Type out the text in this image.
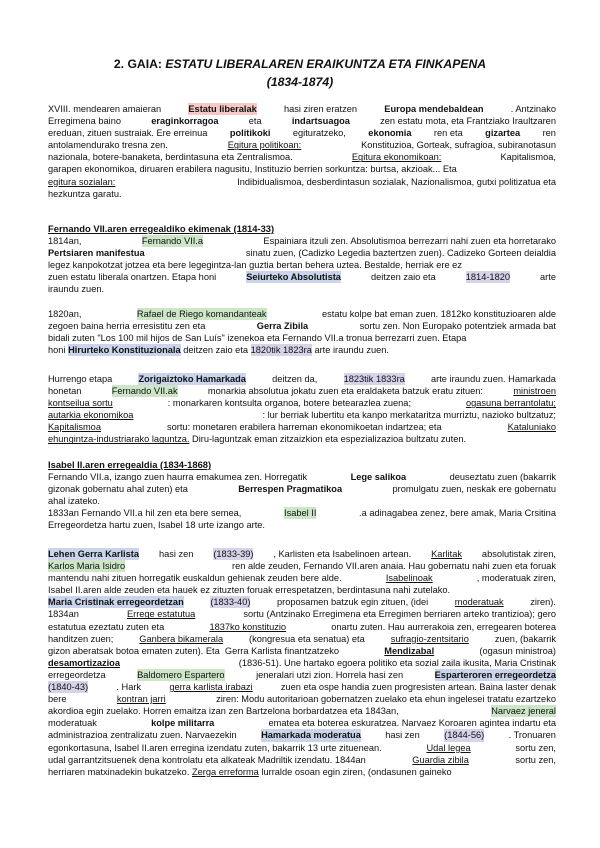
2. GAIA: ESTATU LIBERALAREN ERAIKUNTZA ETA FINKAPENA
(1834-1874)
XVIII. mendearen amaieran	Estatu liberalak	hasi ziren eratzen	Europa mendebaldean	. Antzinako
Erregimena baino	eraginkorragoa	eta	indartsuagoa	zen estatu mota, eta Frantziako Iraultzaren
ereduan, zituen sustraiak. Ere erreinua politikoki egituratzeko, ekonomia ren eta gizartea ren
antolamendurako tresna zen.	Egitura politikoan:	Konstituzioa, Gorteak, sufragioa, subiranotasun
nazionala, botere-banaketa, berdintasuna eta Zentralismoa.	Egitura ekonomikoan:	Kapitalismoa,
garapen ekonomikoa, diruaren erabilera nagusitu, Instituzio berrien sorkuntza: burtsa, akzioak... Eta
egitura sozialan:	Indibidualismoa, desberdintasun sozialak, Nazionalismoa, gutxi politizatua eta
hezkuntza garatu.
Fernando VII.aren erregealdiko ekimenak (1814-33)
1814an,	Fernando VII.a	Espainiara itzuli zen. Absolutismoa berrezarri nahi zuen eta horretarako
Pertsiaren manifestua	sinatu zuen, (Cadizko Legedia baztertzen zuen). Cadizeko Gorteen deialdia
legez kanpokotzat jotzea eta bere legegintza-lan guztia bertan behera uztea. Bestalde, herriak ere ez
zuen estatu liberala onartzen. Etapa honi	Seiurteko Absolutista	deitzen zaio eta	1814-1820	arte
iraundu zuen.
1820an,	Rafael de Riego komandanteak	estatu kolpe bat eman zuen. 1812ko konstituzioaren alde
zegoen baina herria erresistitu zen eta	Gerra Zibila	sortu zen. Non Europako potentziek armada bat
bidali zuten "Los 100 mil hijos de San Luís" izenekoa eta Fernando VII.a tronua berrezarri zuen. Etapa
honi Hirurteko Konstituzionala deitzen zaio eta 1820tik 1823ra arte iraundu zuen.
Hurrengo etapa	Zorigaiztoko Hamarkada	deitzen da,	1823tik 1833ra	arte iraundu zuen. Hamarkada
honetan	Fernando VII.ak	monarkia absolutua jokatu zuen eta eraldaketa batzuk eratu zituen:	ministroen
kontseilua sortu	: monarkaren kontsulta organoa, botere betearazlea zuena;	ogasuna berrantolatu;
autarkia ekonomikoa	: lur berriak lubertitu eta kanpo merkataritza murriztu, nazioko bultzatuz;
Kapitalismoa	sortu: monetaren erabilera harreman ekonomikoetan indartzea; eta	Kataluniako
ehungintza-industriarako laguntza. Diru-laguntzak eman zitzaizkion eta espezializazioa bultzatu zuten.
Isabel II.aren erregealdia (1834-1868)
Fernando VII.a, izango zuen haurra emakumea zen. Horregatik	Lege salikoa	deuseztatu zuen (bakarrik
gizonak gobernatu ahal zuten) eta	Berrespen Pragmatikoa	promulgatu zuen, neskak ere gobernatu
ahal izateko.
1833an Fernando VII.a hil zen eta bere semea,	Isabel II	.a adinagabea zenez, bere amak, Maria Crsitina
Erregeordetza hartu zuen, Isabel 18 urte izango arte.
Lehen Gerra Karlista hasi zen (1833-39) , Karlisten eta Isabelinoen artean. Karlitak absolutistak ziren,
Karlos Maria Isidro	ren alde zeuden, Fernando VII.aren anaia. Hau gobernatu nahi zuen eta foruak
mantendu nahi zituen horregatik euskaldun gehienak zeuden bere alde.	Isabelinoak	, moderatuak ziren,
Isabel II.aren alde zeuden eta hauek ez zituzten foruak errespetatzen, berdintasuna nahi zutelako.
Maria Cristinak erregeordetzan	(1833-40)	proposamen batzuk egin zituen, (idei	moderatuak	ziren).
1834an	Errege estatutua	sortu (Antzinako Erregimena eta Erregimen berriaren arteko trantizioa); gero
estatutua ezeztatu zuten eta	1837ko konstituzio	onartu zuten. Hau aurrerakoia zen, erregearen boterea
handitzen zuen;	Ganbera bikamerala	(kongresua eta senatua) eta	sufragio-zentsitario	zuen, (bakarrik
gizon aberatsak botoa ematen zuten). Eta  Gerra Karlista finantzatzeko	Mendizabal	(ogasun ministroa)
desamortizazioa	(1836-51). Une hartako egoera politiko eta sozial zaila ikusita, Maria Cristinak
erregeordetza	Baldomero Espartero	jeneralari utzi zion. Horrela hasi zen	Esparteroren erregeordetza
(1840-43)	. Hark	gerra karlista irabazi	zuen eta ospe handia zuen progresisten artean. Baina laster denak
bere	kontran jarri	ziren: Modu autoritarioan gobernatzen zuelako eta ehun ingelesei tratatu ezartzeko
akordioa egin zuelako. Horren emaitza izan zen Bartzelona borbardatzea eta 1843an,	Narvaez jeneral
moderatuak	kolpe militarra	ematea eta boterea eskuratzea. Narvaez Koroaren agintea indartu eta
administrazioa zentralizatu zuen. Narvaezekin	Hamarkada moderatua	hasi zen	(1844-56)	. Tronuaren
egonkortasuna, Isabel II.aren erregina izendatu zuten, bakarrik 13 urte zituenean.	Udal legea	sortu zen,
udal garrantzitsuenek dena kontrolatu eta alkateak Madriltik izendatu. 1844an	Guardia zibila	sortu zen,
herriaren matxinadekin bukatzeko. Zerga erreforma lurralde osoan egin ziren, (ondasunen gaineko
